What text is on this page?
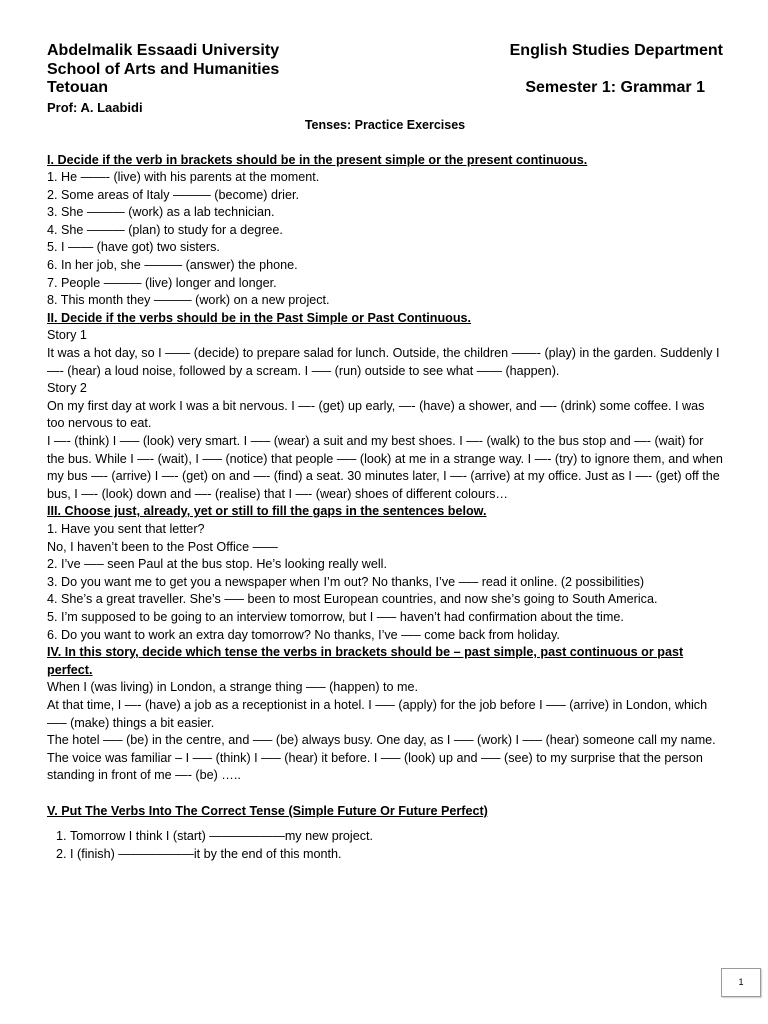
Abdelmalik Essaadi University	English Studies Department
School of Arts and Humanities
Tetouan	Semester 1: Grammar 1
Prof: A. Laabidi
Tenses: Practice Exercises
I. Decide if the verb in brackets should be in the present simple or the present continuous.
1. He ——- (live) with his parents at the moment.
2. Some areas of Italy ——— (become) drier.
3. She ——— (work) as a lab technician.
4. She ——— (plan) to study for a degree.
5. I —— (have got) two sisters.
6. In her job, she ——— (answer) the phone.
7. People ——— (live) longer and longer.
8. This month they ——— (work) on a new project.
II. Decide if the verbs should be in the Past Simple or Past Continuous.
Story 1
It was a hot day, so I —— (decide) to prepare salad for lunch. Outside, the children ——- (play) in the garden. Suddenly I —- (hear) a loud noise, followed by a scream. I —– (run) outside to see what —— (happen).
Story 2
On my first day at work I was a bit nervous. I —- (get) up early, —- (have) a shower, and —- (drink) some coffee. I was too nervous to eat.
I —- (think) I —– (look) very smart. I —– (wear) a suit and my best shoes. I —- (walk) to the bus stop and —- (wait) for the bus. While I —- (wait), I —– (notice) that people —– (look) at me in a strange way. I —- (try) to ignore them, and when my bus —- (arrive) I —- (get) on and —- (find) a seat. 30 minutes later, I —- (arrive) at my office. Just as I —- (get) off the bus, I —- (look) down and —- (realise) that I —- (wear) shoes of different colours…
III. Choose just, already, yet or still to fill the gaps in the sentences below.
1. Have you sent that letter?
No, I haven’t been to the Post Office ——
2. I’ve —– seen Paul at the bus stop. He’s looking really well.
3. Do you want me to get you a newspaper when I’m out? No thanks, I’ve —– read it online. (2 possibilities)
4. She’s a great traveller. She’s —– been to most European countries, and now she’s going to South America.
5. I’m supposed to be going to an interview tomorrow, but I —– haven’t had confirmation about the time.
6. Do you want to work an extra day tomorrow? No thanks, I’ve —– come back from holiday.
IV. In this story, decide which tense the verbs in brackets should be – past simple, past continuous or past perfect.
When I (was living) in London, a strange thing —– (happen) to me.
At that time, I —- (have) a job as a receptionist in a hotel. I —– (apply) for the job before I —– (arrive) in London, which —– (make) things a bit easier.
The hotel —– (be) in the centre, and —– (be) always busy. One day, as I —– (work) I —– (hear) someone call my name. The voice was familiar – I —– (think) I —– (hear) it before. I —– (look) up and —– (see) to my surprise that the person standing in front of me —- (be) …..
V. Put The Verbs Into The Correct Tense (Simple Future Or Future Perfect)
1. Tomorrow I think I (start) ——————my new project.
2. I (finish) ——————it by the end of this month.
1
